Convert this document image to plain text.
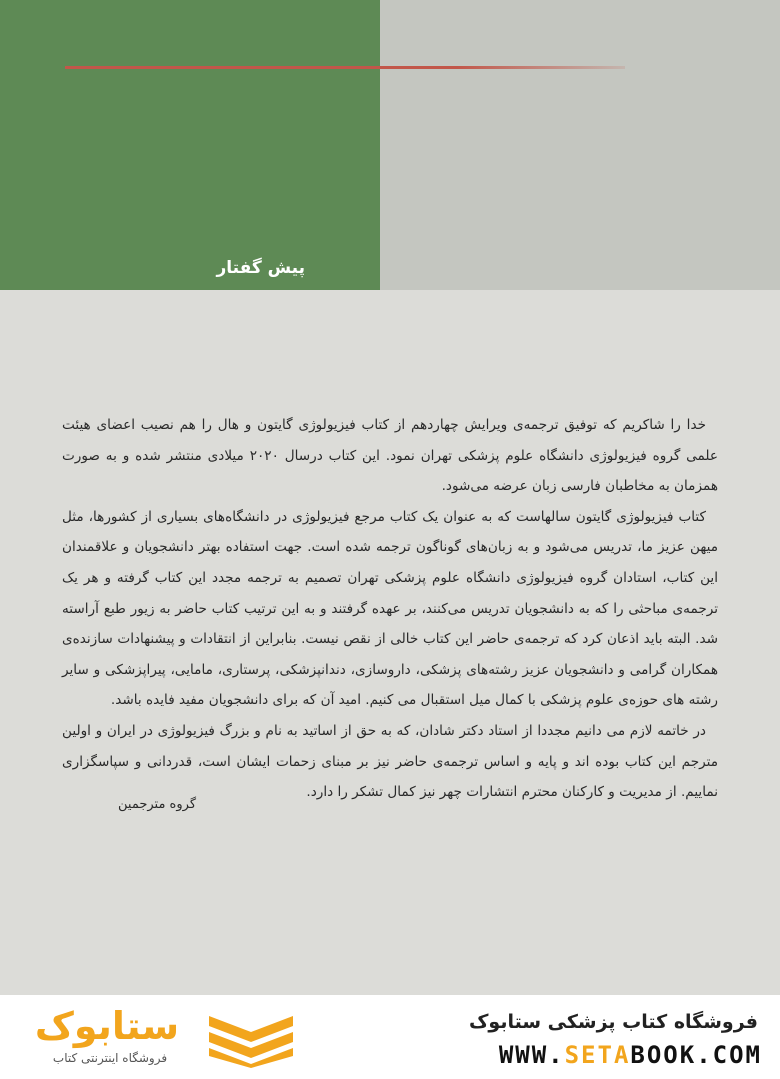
پیش گفتار

خدا را شاکریم که توفیق ترجمه‌ی ویرایش چهاردهم از کتاب فیزیولوژی گایتون و هال را هم نصیب اعضای هیئت علمی گروه فیزیولوژی دانشگاه علوم پزشکی تهران نمود. این کتاب درسال ۲۰۲۰ میلادی منتشر شده و به صورت همزمان به مخاطبان فارسی زبان عرضه می‌شود.

کتاب فیزیولوژی گایتون سالهاست که به عنوان یک کتاب مرجع فیزیولوژی در دانشگاه‌های بسیاری از کشورها، مثل میهن عزیز ما، تدریس می‌شود و به زبان‌های گوناگون ترجمه شده است. جهت استفاده بهتر دانشجویان و علاقمندان این کتاب، استادان گروه فیزیولوژی دانشگاه علوم پزشکی تهران تصمیم به ترجمه مجدد این کتاب گرفته و هر یک ترجمه‌ی مباحثی را که به دانشجویان تدریس می‌کنند، بر عهده گرفتند و به این ترتیب کتاب حاضر به زیور طبع آراسته شد. البته باید اذعان کرد که ترجمه‌ی حاضر این کتاب خالی از نقص نیست. بنابراین از انتقادات و پیشنهادات سازنده‌ی همکاران گرامی و دانشجویان عزیز رشته‌های پزشکی، داروسازی، دندانپزشکی، پرستاری، مامایی، پیراپزشکی و سایر رشته های حوزه‌ی علوم پزشکی با کمال میل استقبال می کنیم. امید آن که برای دانشجویان مفید فایده باشد.

در خاتمه لازم می دانیم مجددا از استاد دکتر شادان، که به حق از اساتید به نام و بزرگ فیزیولوژی در ایران و اولین مترجم این کتاب بوده اند و پایه و اساس ترجمه‌ی حاضر نیز بر مبنای زحمات ایشان است، قدردانی و سپاسگزاری نماییم. از مدیریت و کارکنان محترم انتشارات چهر نیز کمال تشکر را دارد.

گروه مترجمین
فروشگاه کتاب پزشکی ستابوک
WWW.SETABOOK.COM
ستابوک
فروشگاه اینترنتی کتاب
